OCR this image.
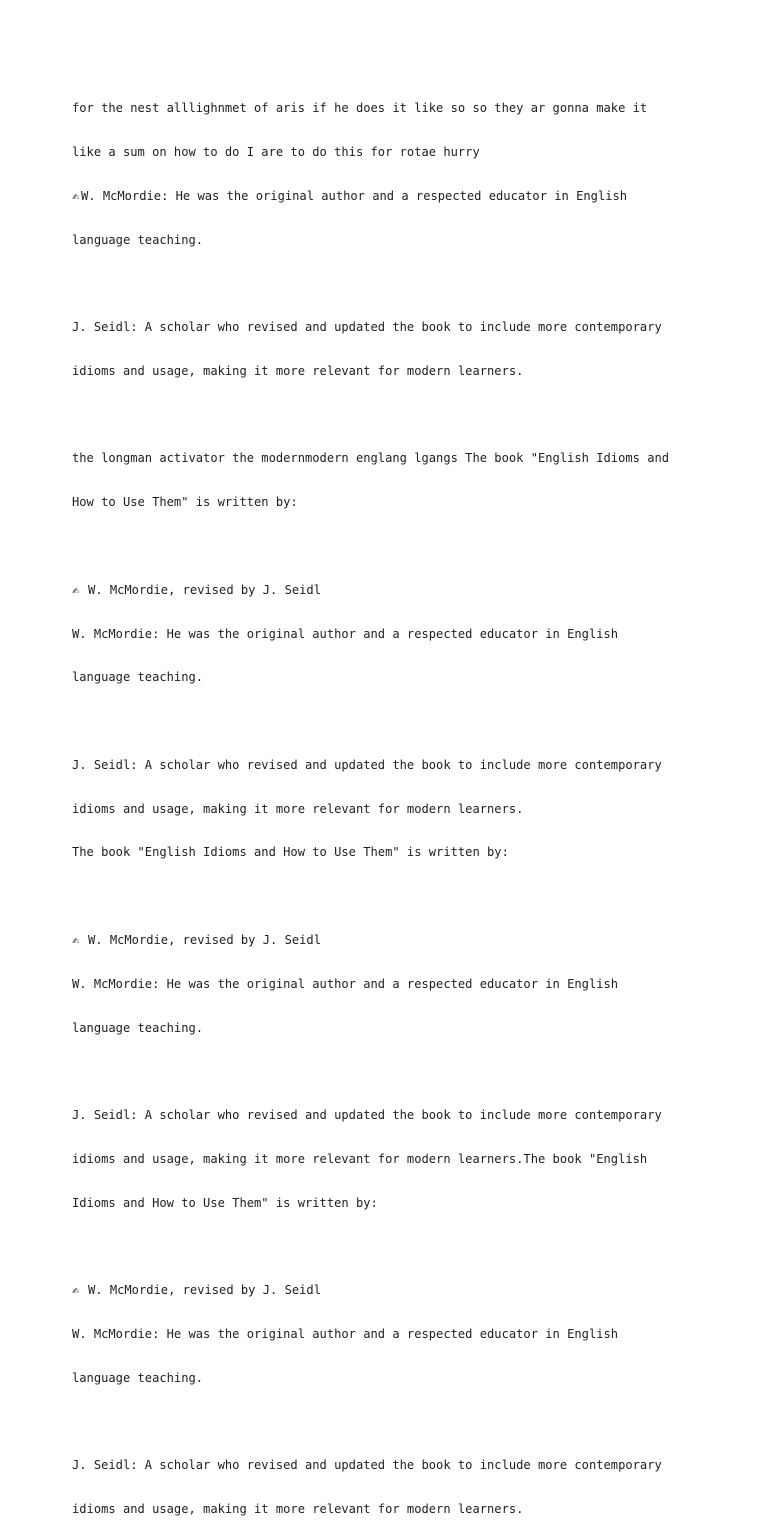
for the nest alllighnmet of aris if he does it like so so they ar gonna make it

like a sum on how to do I are to do this for rotae hurry

✍ W. McMordie: He was the original author and a respected educator in English

language teaching.

J. Seidl: A scholar who revised and updated the book to include more contemporary

idioms and usage, making it more relevant for modern learners.

the longman activator the modernmodern englang lgangs The book "English Idioms and

How to Use Them" is written by:

✍ W. McMordie, revised by J. Seidl

W. McMordie: He was the original author and a respected educator in English

language teaching.

J. Seidl: A scholar who revised and updated the book to include more contemporary

idioms and usage, making it more relevant for modern learners.

The book "English Idioms and How to Use Them" is written by:

✍ W. McMordie, revised by J. Seidl

W. McMordie: He was the original author and a respected educator in English

language teaching.

J. Seidl: A scholar who revised and updated the book to include more contemporary

idioms and usage, making it more relevant for modern learners.The book "English

Idioms and How to Use Them" is written by:

✍ W. McMordie, revised by J. Seidl

W. McMordie: He was the original author and a respected educator in English

language teaching.

J. Seidl: A scholar who revised and updated the book to include more contemporary

idioms and usage, making it more relevant for modern learners.
